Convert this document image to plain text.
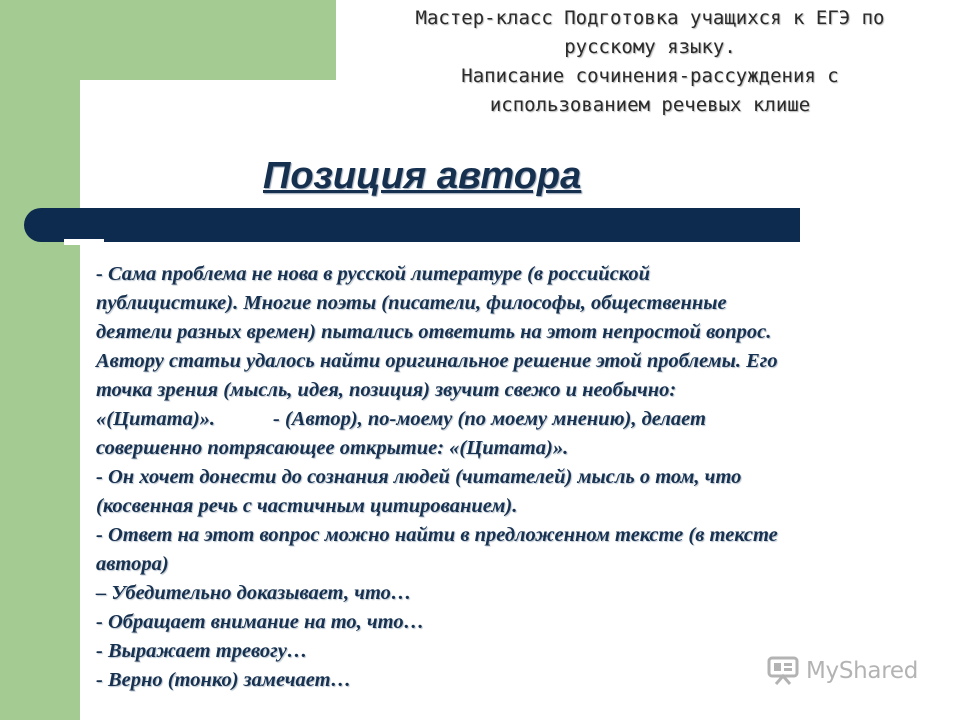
Мастер-класс Подготовка учащихся к ЕГЭ по
русскому языку.
Написание сочинения-рассуждения с
использованием речевых клише
Позиция автора
- Сама проблема не нова в русской литературе (в российской
публицистике). Многие поэты (писатели, философы, общественные
деятели разных времен) пытались ответить на этот непростой вопрос.
Автору статьи удалось найти оригинальное решение этой проблемы. Его
точка зрения (мысль, идея, позиция) звучит свежо и необычно:
«(Цитата)».	- (Автор), по-моему (по моему мнению), делает
совершенно потрясающее открытие: «(Цитата)».
- Он хочет донести до сознания людей (читателей) мысль о том, что
(косвенная речь с частичным цитированием).
- Ответ на этот вопрос можно найти в предложенном тексте (в тексте
автора)
– Убедительно доказывает, что…
- Обращает внимание на то, что…
- Выражает тревогу…
- Верно (тонко) замечает…	MyShared
